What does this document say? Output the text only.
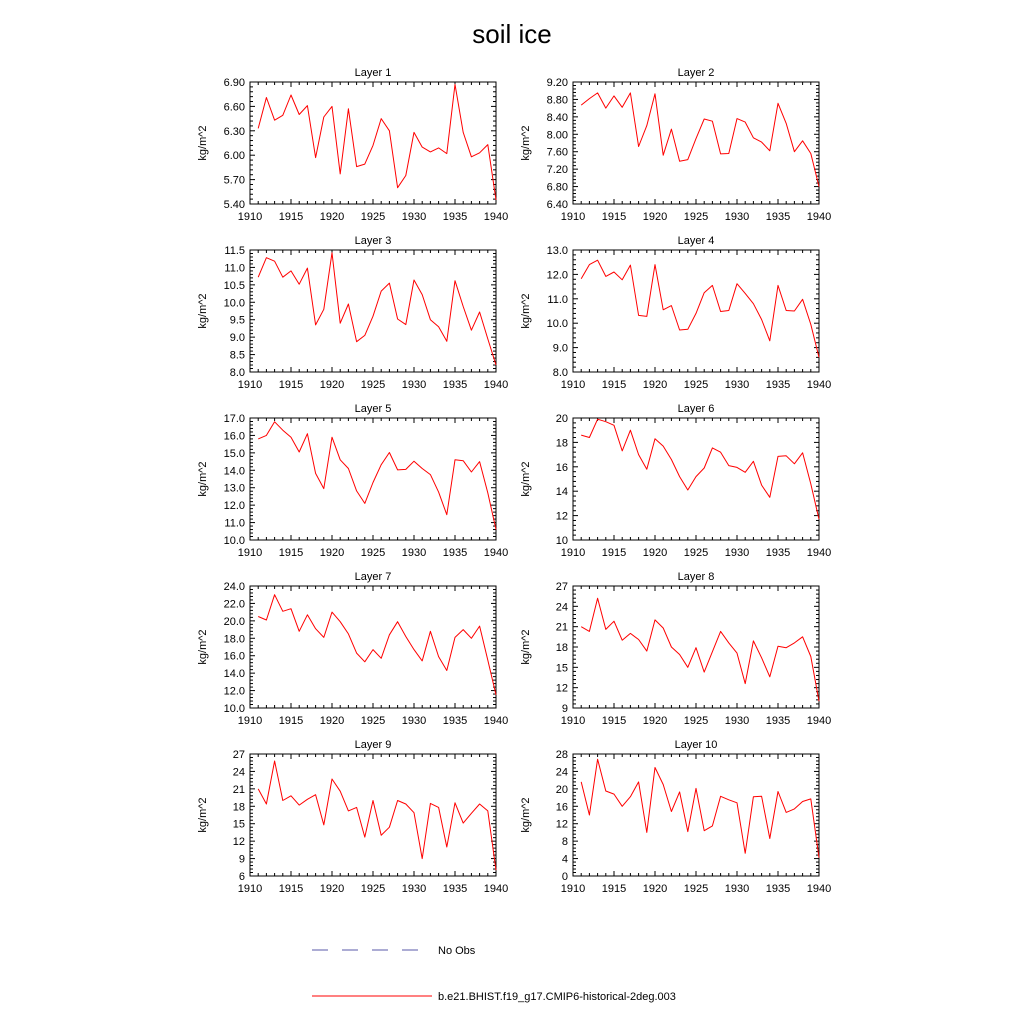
soil ice
Layer 1
kg/m^2
1910 1915 1920 1925 1930 1935 1940
5.40
5.70
6.00
6.30
6.60
6.90
Layer 2
kg/m^2
1910 1915 1920 1925 1930 1935 1940
6.40
6.80
7.20
7.60
8.00
8.40
8.80
9.20
Layer 3
kg/m^2
1910 1915 1920 1925 1930 1935 1940
8.0
8.5
9.0
9.5
10.0
10.5
11.0
11.5
Layer 4
kg/m^2
1910 1915 1920 1925 1930 1935 1940
8.0
9.0
10.0
11.0
12.0
13.0
Layer 5
kg/m^2
1910 1915 1920 1925 1930 1935 1940
10.0
11.0
12.0
13.0
14.0
15.0
16.0
17.0
Layer 6
kg/m^2
1910 1915 1920 1925 1930 1935 1940
10
12
14
16
18
20
Layer 7
kg/m^2
1910 1915 1920 1925 1930 1935 1940
10.0
12.0
14.0
16.0
18.0
20.0
22.0
24.0
Layer 8
kg/m^2
1910 1915 1920 1925 1930 1935 1940
9
12
15
18
21
24
27
Layer 9
kg/m^2
1910 1915 1920 1925 1930 1935 1940
6
9
12
15
18
21
24
27
Layer 10
kg/m^2
1910 1915 1920 1925 1930 1935 1940
0
4
8
12
16
20
24
28
No Obs
b.e21.BHIST.f19_g17.CMIP6-historical-2deg.003
